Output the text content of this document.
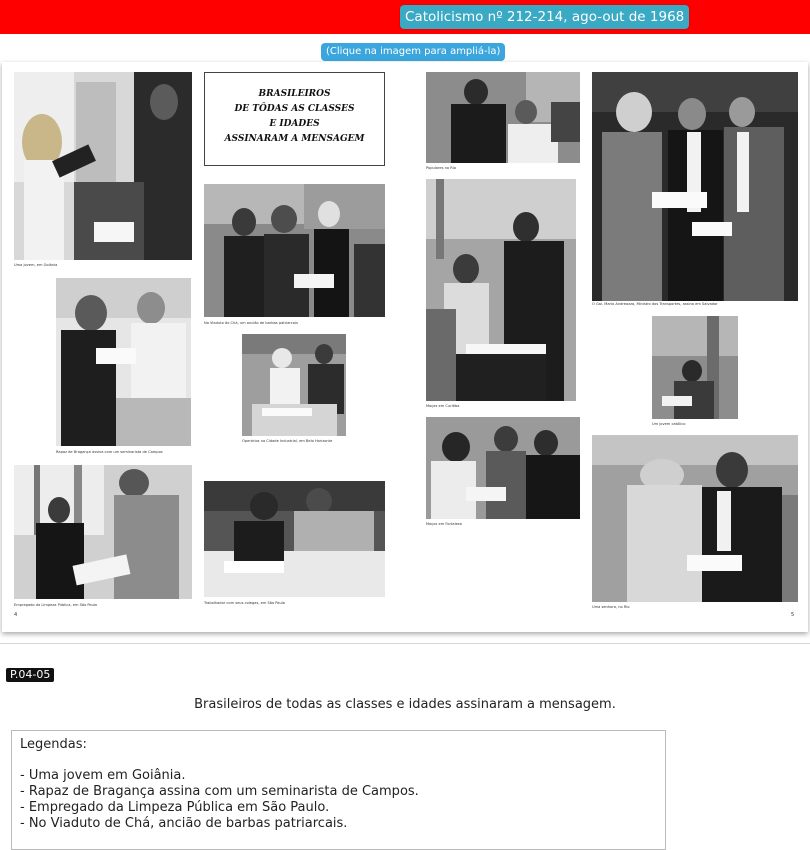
Catolicismo nº 212-214, ago-out de 1968
(Clique na imagem para ampliá-la)
Uma jovem, em Goiânia
BRASILEIROS
DE TÔDAS AS CLASSES
E IDADES
ASSINARAM A MENSAGEM
No Viaduto do Chá, um ancião de barbas patriarcais
Rapaz de Bragança assina com um seminarista de Campos
Operários na Cidade Industrial, em Belo Horizonte
Empregado da Limpeza Pública, em São Paulo	Trabalhador com seus colegas, em São Paulo
4
Populares no Rio
Moças em Curitiba
Moços em Fortaleza
O Gal. Mario Andreazza, Ministro dos Transportes, assina em Salvador
Um jovem católico
Uma senhora, no Rio
5
P.04-05
Brasileiros de todas as classes e idades assinaram a mensagem.
Legendas:
- Uma jovem em Goiânia.
- Rapaz de Bragança assina com um seminarista de Campos.
- Empregado da Limpeza Pública em São Paulo.
- No Viaduto de Chá, ancião de barbas patriarcais.
